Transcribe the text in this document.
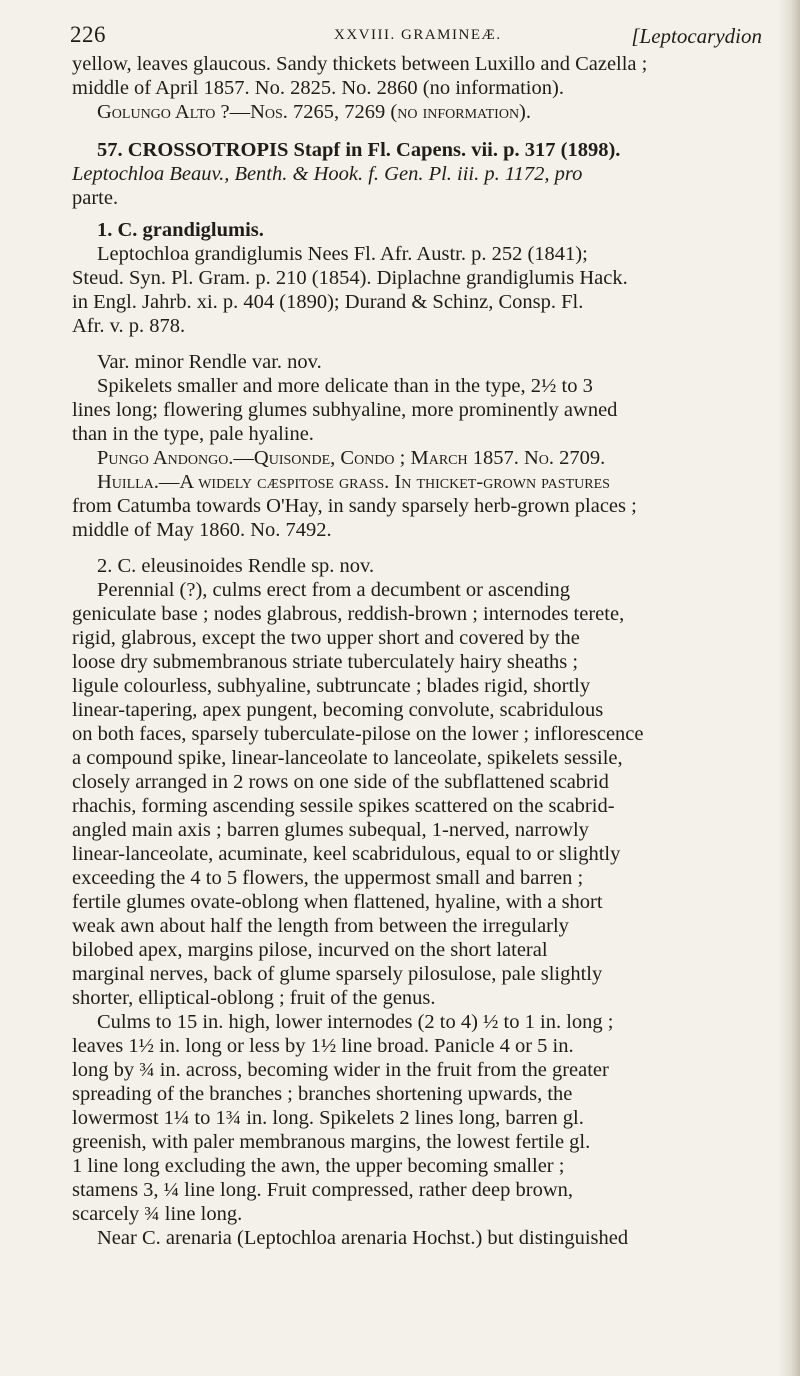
226	XXVIII. GRAMINEÆ.	[Leptocarydion

yellow, leaves glaucous. Sandy thickets between Luxillo and Cazella ;

middle of April 1857. No. 2825. No. 2860 (no information).

Golungo Alto ?—Nos. 7265, 7269 (no information).

57. CROSSOTROPIS Stapf in Fl. Capens. vii. p. 317 (1898).

Leptochloa Beauv., Benth. & Hook. f. Gen. Pl. iii. p. 1172, pro

parte.

1. C. grandiglumis.

Leptochloa grandiglumis Nees Fl. Afr. Austr. p. 252 (1841);

Steud. Syn. Pl. Gram. p. 210 (1854). Diplachne grandiglumis Hack.

in Engl. Jahrb. xi. p. 404 (1890); Durand & Schinz, Consp. Fl.

Afr. v. p. 878.

Var. minor Rendle var. nov.

Spikelets smaller and more delicate than in the type, 2½ to 3

lines long; flowering glumes subhyaline, more prominently awned

than in the type, pale hyaline.

Pungo Andongo.—Quisonde, Condo ; March 1857. No. 2709.

Huilla.—A widely cæspitose grass. In thicket-grown pastures

from Catumba towards O'Hay, in sandy sparsely herb-grown places ;

middle of May 1860. No. 7492.

2. C. eleusinoides Rendle sp. nov.

Perennial (?), culms erect from a decumbent or ascending

geniculate base ; nodes glabrous, reddish-brown ; internodes terete,

rigid, glabrous, except the two upper short and covered by the

loose dry submembranous striate tuberculately hairy sheaths ;

ligule colourless, subhyaline, subtruncate ; blades rigid, shortly

linear-tapering, apex pungent, becoming convolute, scabridulous

on both faces, sparsely tuberculate-pilose on the lower ; inflorescence

a compound spike, linear-lanceolate to lanceolate, spikelets sessile,

closely arranged in 2 rows on one side of the subflattened scabrid

rhachis, forming ascending sessile spikes scattered on the scabrid-

angled main axis ; barren glumes subequal, 1-nerved, narrowly

linear-lanceolate, acuminate, keel scabridulous, equal to or slightly

exceeding the 4 to 5 flowers, the uppermost small and barren ;

fertile glumes ovate-oblong when flattened, hyaline, with a short

weak awn about half the length from between the irregularly

bilobed apex, margins pilose, incurved on the short lateral

marginal nerves, back of glume sparsely pilosulose, pale slightly

shorter, elliptical-oblong ; fruit of the genus.

Culms to 15 in. high, lower internodes (2 to 4) ½ to 1 in. long ;

leaves 1½ in. long or less by 1½ line broad. Panicle 4 or 5 in.

long by ¾ in. across, becoming wider in the fruit from the greater

spreading of the branches ; branches shortening upwards, the

lowermost 1¼ to 1¾ in. long. Spikelets 2 lines long, barren gl.

greenish, with paler membranous margins, the lowest fertile gl.

1 line long excluding the awn, the upper becoming smaller ;

stamens 3, ¼ line long. Fruit compressed, rather deep brown,

scarcely ¾ line long.

Near C. arenaria (Leptochloa arenaria Hochst.) but distinguished
